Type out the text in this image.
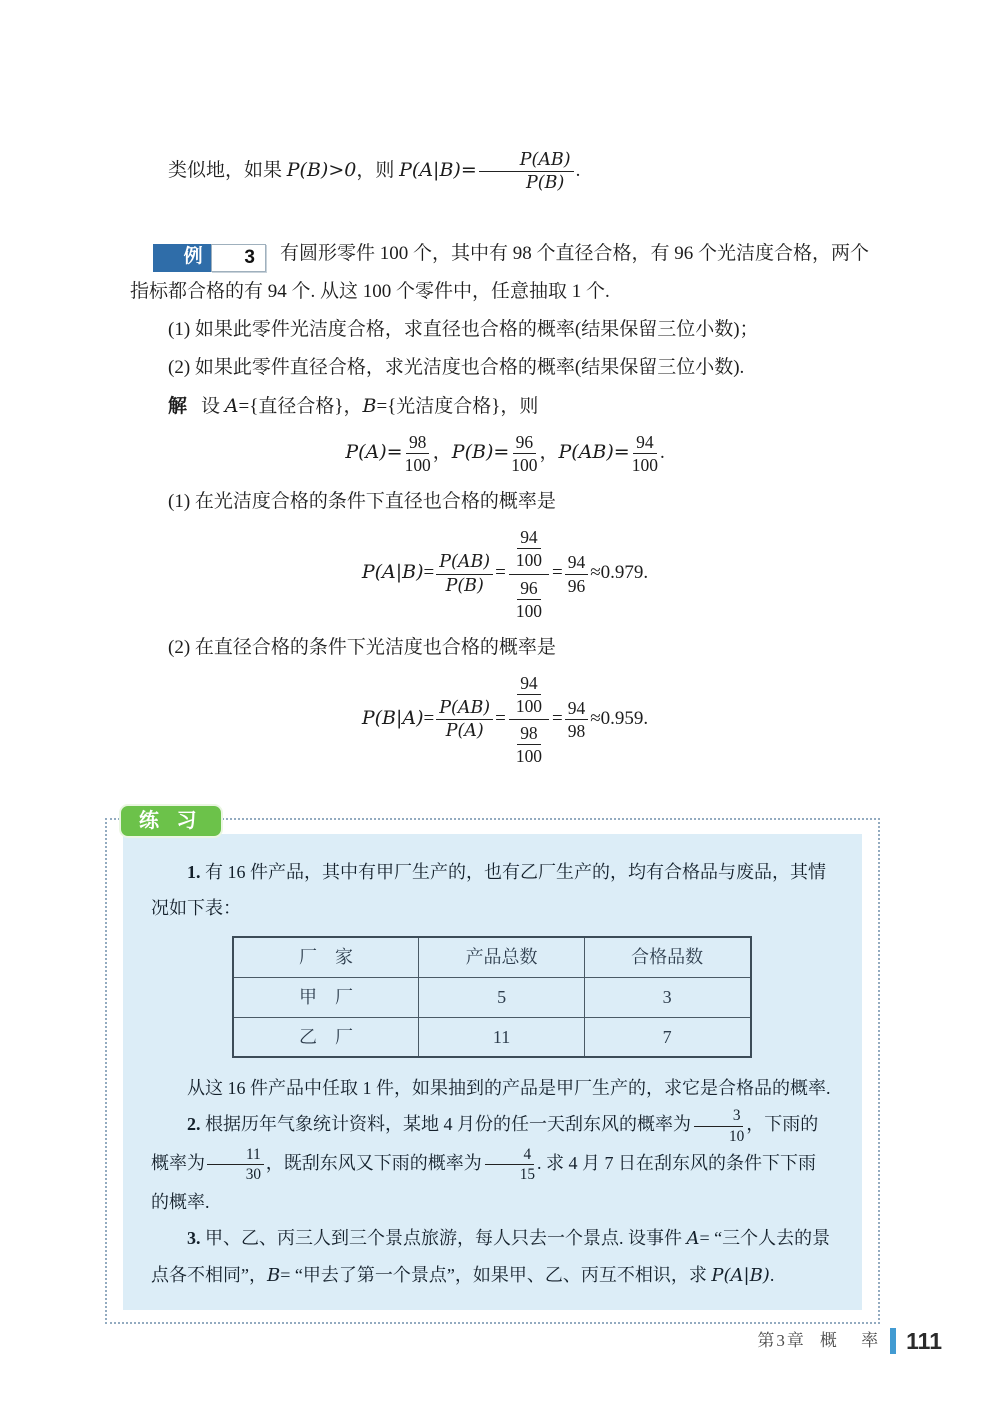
类似地，如果 P(B)>0，则 $P(A|B)= \frac{P(AB)}{P(B)}$ .

例	3	有圆形零件 100 个，其中有 98 个直径合格，有 96 个光洁度合格，两个指标都合格的有 94 个. 从这 100 个零件中，任意抽取 1 个.

(1) 如果此零件光洁度合格，求直径也合格的概率(结果保留三位小数)；
(2) 如果此零件直径合格，求光洁度也合格的概率(结果保留三位小数).
解 设 A={直径合格}，B={光洁度合格}，则
$P(A)= \frac{98}{100}$ ，$P(B)= \frac{96}{100}$ ，$P(AB)= \frac{94}{100}$ .
(1) 在光洁度合格的条件下直径也合格的概率是
$P(A|B)= \frac{P(AB)}{P(B)} = \frac{\frac{94}{100}}{\frac{96}{100}} = \frac{94}{96} \approx 0.979$.
(2) 在直径合格的条件下光洁度也合格的概率是
$P(B|A)= \frac{P(AB)}{P(A)} = \frac{\frac{94}{100}}{\frac{98}{100}} = \frac{94}{98} \approx 0.959$.
练 习

1. 有 16 件产品，其中有甲厂生产的，也有乙厂生产的，均有合格品与废品，其情况如下表：

厂　家	产品总数	合格品数
甲　厂	5	3
乙　厂	11	7

从这 16 件产品中任取 1 件，如果抽到的产品是甲厂生产的，求它是合格品的概率.

2. 根据历年气象统计资料，某地 4 月份的任一天刮东风的概率为 $\frac{3}{10}$ ，下雨的概率为 $\frac{11}{30}$ ，既刮东风又下雨的概率为 $\frac{4}{15}$ . 求 4 月 7 日在刮东风的条件下下雨的概率.

3. 甲、乙、丙三人到三个景点旅游，每人只去一个景点. 设事件 A= “三个人去的景点各不相同”，B= “甲去了第一个景点”，如果甲、乙、丙互不相识，求 P(A|B).

第3章 概 率 111
